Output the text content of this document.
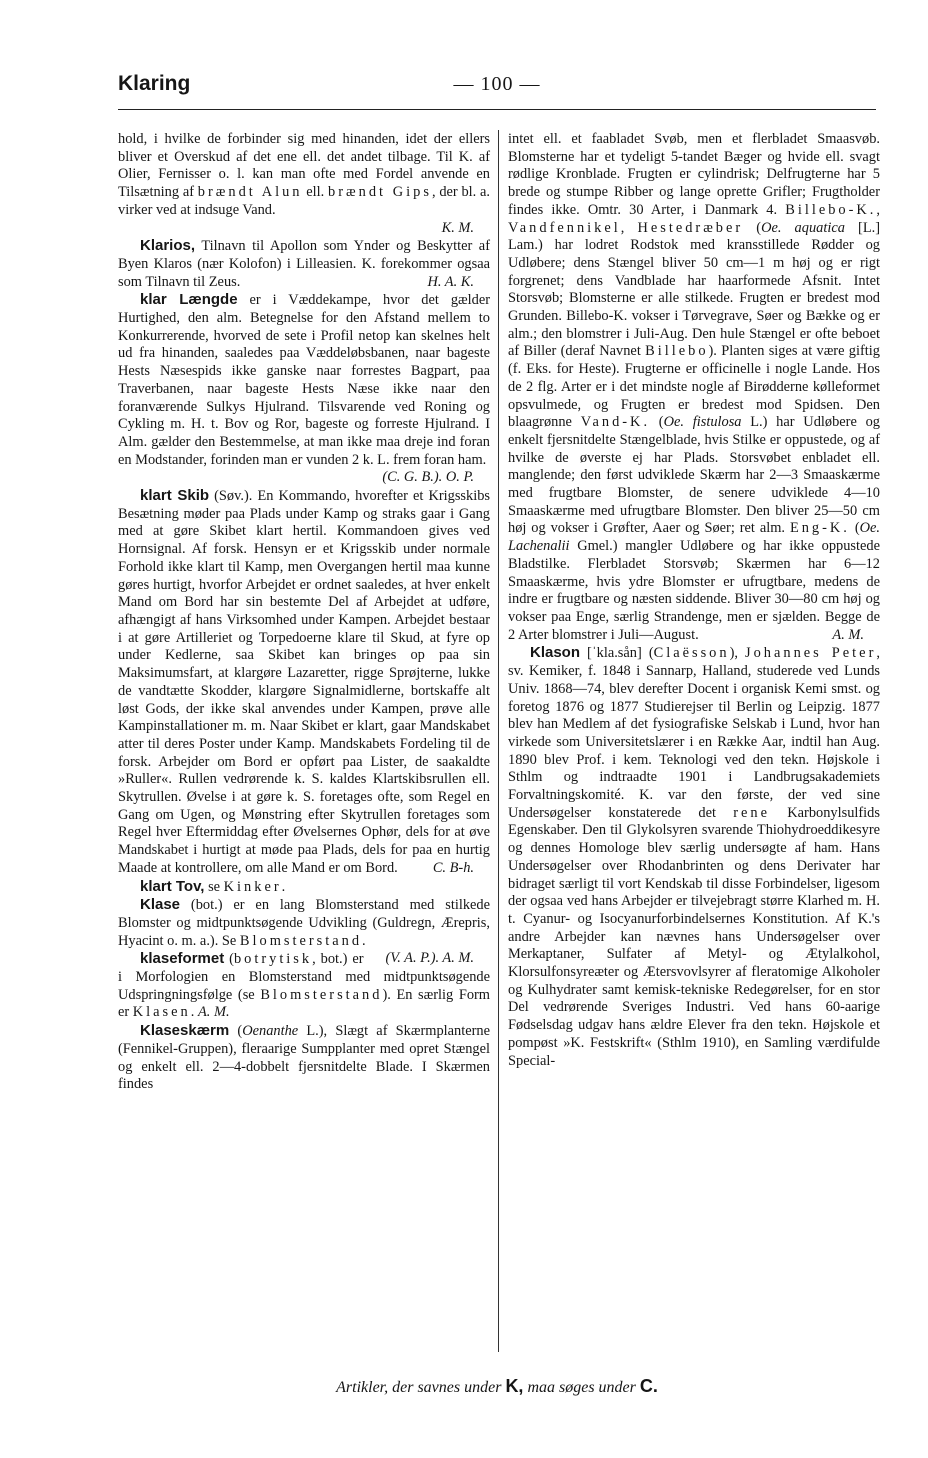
Klaring	— 100 —

hold, i hvilke de forbinder sig med hinanden, idet der ellers bliver et Overskud af det ene ell. det andet tilbage. Til K. af Olier, Fernisser o. l. kan man ofte med Fordel anvende en Tilsætning af brændt Alun ell. brændt Gips, der bl. a. virker ved at indsuge Vand.
K. M.

Klarios, Tilnavn til Apollon som Ynder og Beskytter af Byen Klaros (nær Kolofon) i Lilleasien. K. forekommer ogsaa som Tilnavn til Zeus.	H. A. K.

klar Længde er i Væddekampe, hvor det gælder Hurtighed, den alm. Betegnelse for den Afstand mellem to Konkurrerende, hvorved de sete i Profil netop kan skelnes helt ud fra hinanden, saaledes paa Væddeløbsbanen, naar bageste Hests Næsespids ikke ganske naar forrestes Bagpart, paa Traverbanen, naar bageste Hests Næse ikke naar den foranværende Sulkys Hjulrand. Tilsvarende ved Roning og Cykling m. H. t. Bov og Ror, bageste og forreste Hjulrand. I Alm. gælder den Bestemmelse, at man ikke maa dreje ind foran en Modstander, forinden man er vunden 2 k. L. frem foran ham.
(C. G. B.). O. P.

klart Skib (Søv.). En Kommando, hvorefter et Krigsskibs Besætning møder paa Plads under Kamp og straks gaar i Gang med at gøre Skibet klart hertil. Kommandoen gives ved Hornsignal. Af forsk. Hensyn er et Krigsskib under normale Forhold ikke klart til Kamp, men Overgangen hertil maa kunne gøres hurtigt, hvorfor Arbejdet er ordnet saaledes, at hver enkelt Mand om Bord har sin bestemte Del af Arbejdet at udføre, afhængigt af hans Virksomhed under Kampen. Arbejdet bestaar i at gøre Artilleriet og Torpedoerne klare til Skud, at fyre op under Kedlerne, saa Skibet kan bringes op paa sin Maksimumsfart, at klargøre Lazaretter, rigge Sprøjterne, lukke de vandtætte Skodder, klargøre Signalmidlerne, bortskaffe alt løst Gods, der ikke skal anvendes under Kampen, prøve alle Kampinstallationer m. m. Naar Skibet er klart, gaar Mandskabet atter til deres Poster under Kamp. Mandskabets Fordeling til de forsk. Arbejder om Bord er opført paa Lister, de saakaldte »Ruller«. Rullen vedrørende k. S. kaldes Klartskibsrullen ell. Skytrullen. Øvelse i at gøre k. S. foretages ofte, som Regel en Gang om Ugen, og Mønstring efter Skytrullen foretages som Regel hver Eftermiddag efter Øvelsernes Ophør, dels for at øve Mandskabet i hurtigt at møde paa Plads, dels for paa en hurtig Maade at kontrollere, om alle Mand er om Bord.	C. B-h.

klart Tov, se Kinker.

Klase (bot.) er en lang Blomsterstand med stilkede Blomster og midtpunktsøgende Udvikling (Guldregn, Ærepris, Hyacint o. m. a.). Se Blomsterstand.
(V. A. P.). A. M.

klaseformet (botrytisk, bot.) er i Morfologien en Blomsterstand med midtpunktsøgende Udspringningsfølge (se Blomsterstand). En særlig Form er Klasen. A. M.

Klaseskærm (Oenanthe L.), Slægt af Skærmplanterne (Fennikel-Gruppen), flerаarige Sumpplanter med opret Stængel og enkelt ell. 2—4-dobbelt fjersnitdelte Blade. I Skærmen findes

intet ell. et faabladet Svøb, men et flerbladet Smaasvøb. Blomsterne har et tydeligt 5-tandet Bæger og hvide ell. svagt rødlige Kronblade. Frugten er cylindrisk; Delfrugterne har 5 brede og stumpe Ribber og lange oprette Grifler; Frugtholder findes ikke. Omtr. 30 Arter, i Danmark 4. Billebo-K., Vandfennikel, Hestedræber (Oe. aquatica [L.] Lam.) har lodret Rodstok med kransstillede Rødder og Udløbere; dens Stængel bliver 50 cm—1 m høj og er rigt forgrenet; dens Vandblade har haarformede Afsnit. Intet Storsvøb; Blomsterne er alle stilkede. Frugten er bredest mod Grunden. Billebo-K. vokser i Tørvegrave, Søer og Bække og er alm.; den blomstrer i Juli-Aug. Den hule Stængel er ofte beboet af Biller (deraf Navnet Billebo). Planten siges at være giftig (f. Eks. for Heste). Frugterne er officinelle i nogle Lande. Hos de 2 flg. Arter er i det mindste nogle af Birødderne kølleformet opsvulmede, og Frugten er bredest mod Spidsen. Den blaagrønne Vand-K. (Oe. fistulosa L.) har Udløbere og enkelt fjersnitdelte Stængelblade, hvis Stilke er oppustede, og af hvilke de øverste ej har Plads. Storsvøbet enbladet ell. manglende; den først udviklede Skærm har 2—3 Smaaskærme med frugtbare Blomster, de senere udviklede 4—10 Smaaskærme med ufrugtbare Blomster. Den bliver 25—50 cm høj og vokser i Grøfter, Aaer og Søer; ret alm. Eng-K. (Oe. Lachenalii Gmel.) mangler Udløbere og har ikke oppustede Bladstilke. Flerbladet Storsvøb; Skærmen har 6—12 Smaaskærme, hvis ydre Blomster er ufrugtbare, medens de indre er frugtbare og næsten siddende. Bliver 30—80 cm høj og vokser paa Enge, særlig Strandenge, men er sjælden. Begge de 2 Arter blomstrer i Juli—August.	A. M.

Klason [ˈkla.sån] (Claësson), Johannes Peter, sv. Kemiker, f. 1848 i Sannarp, Halland, studerede ved Lunds Univ. 1868—74, blev derefter Docent i organisk Kemi smst. og foretog 1876 og 1877 Studierejser til Berlin og Leipzig. 1877 blev han Medlem af det fysiografiske Selskab i Lund, hvor han virkede som Universitetslærer i en Række Aar, indtil han Aug. 1890 blev Prof. i kem. Teknologi ved den tekn. Højskole i Sthlm og indtraadte 1901 i Landbrugsakademiets Forvaltningskomité. K. var den første, der ved sine Undersøgelser konstaterede det rene Karbonylsulfids Egenskaber. Den til Glykolsyren svarende Thiohydroeddikesyre og dennes Homologe blev særlig undersøgte af ham. Hans Undersøgelser over Rhodanbrinten og dens Derivater har bidraget særligt til vort Kendskab til disse Forbindelser, ligesom der ogsaa ved hans Arbejder er tilvejebragt større Klarhed m. H. t. Cyanur- og Isocyanurforbindelsernes Konstitution. Af K.'s andre Arbejder kan nævnes hans Undersøgelser over Merkaptaner, Sulfater af Metyl- og Ætylalkohol, Klorsulfonsyreæter og Ætersvovlsyrer af fleratomige Alkoholer og Kulhydrater samt kemisk-tekniske Redegørelser, for en stor Del vedrørende Sveriges Industri. Ved hans 60-aarige Fødselsdag udgav hans ældre Elever fra den tekn. Højskole et pompøst »K. Festskrift« (Sthlm 1910), en Samling værdifulde Special-

Artikler, der savnes under K, maa søges under C.
